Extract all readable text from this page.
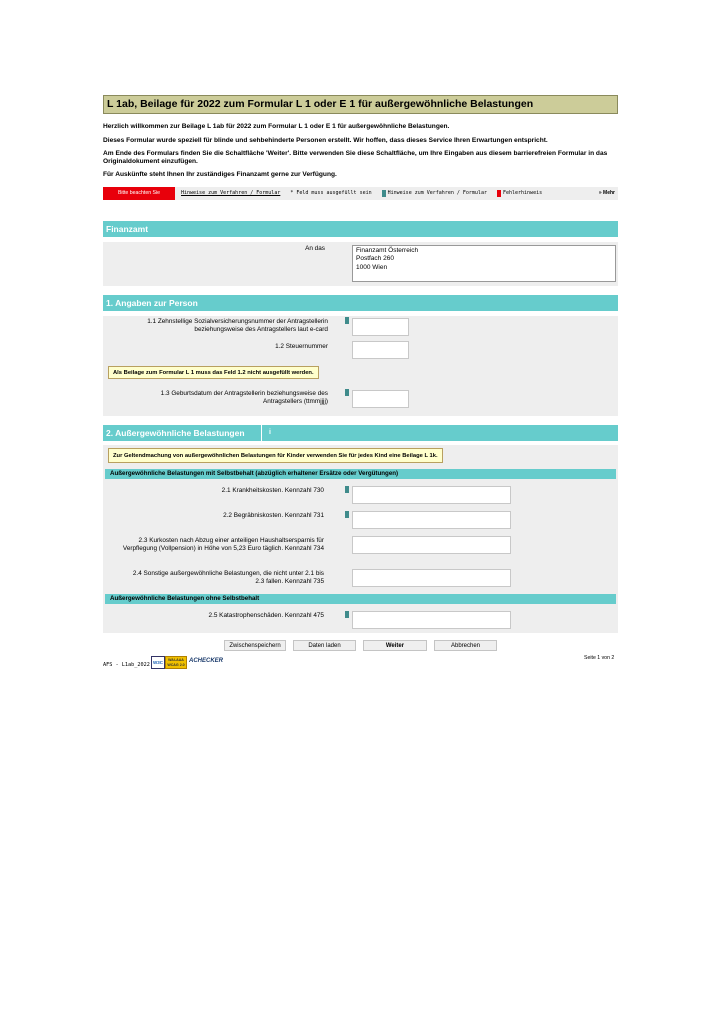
L 1ab, Beilage für 2022 zum Formular L 1 oder E 1 für außergewöhnliche Belastungen

Herzlich willkommen zur Beilage L 1ab für 2022 zum Formular L 1 oder E 1 für außergewöhnliche Belastungen.

Dieses Formular wurde speziell für blinde und sehbehinderte Personen erstellt. Wir hoffen, dass dieses Service Ihren Erwartungen entspricht.

Am Ende des Formulars finden Sie die Schaltfläche 'Weiter'. Bitte verwenden Sie diese Schaltfläche, um Ihre Eingaben aus diesem barrierefreien Formular in das Originaldokument einzufügen.

Für Auskünfte steht Ihnen Ihr zuständiges Finanzamt gerne zur Verfügung.

Bitte beachten Sie	Hinweise zum Verfahren / Formular * Feld muss ausgefüllt sein	Hinweise zum Verfahren / Formular	Fehlerhinweis	» Mehr
Finanzamt
An das	Finanzamt Österreich
Postfach 260
1000 Wien
1. Angaben zur Person
1.1 Zehnstellige Sozialversicherungsnummer der Antragstellerin beziehungsweise des Antragstellers laut e-card
1.2 Steuernummer
Als Beilage zum Formular L 1 muss das Feld 1.2 nicht ausgefüllt werden.
1.3 Geburtsdatum der Antragstellerin beziehungsweise des Antragstellers (ttmmjjjj)
2. Außergewöhnliche Belastungen	i
Zur Geltendmachung von außergewöhnlichen Belastungen für Kinder verwenden Sie für jedes Kind eine Beilage L 1k.
Außergewöhnliche Belastungen mit Selbstbehalt (abzüglich erhaltener Ersätze oder Vergütungen)
2.1 Krankheitskosten. Kennzahl 730
2.2 Begräbniskosten. Kennzahl 731
2.3 Kurkosten nach Abzug einer anteiligen Haushaltsersparnis für Verpflegung (Vollpension) in Höhe von 5,23 Euro täglich. Kennzahl 734
2.4 Sonstige außergewöhnliche Belastungen, die nicht unter 2.1 bis 2.3 fallen. Kennzahl 735
Außergewöhnliche Belastungen ohne Selbstbehalt
2.5 Katastrophenschäden. Kennzahl 475
Zwischenspeichern	Daten laden	Weiter	Abbrechen
Seite 1 von 2
AFS - L1ab_2022 W3C	WAI-AAA
WCAG 2.0
ACHECKER
